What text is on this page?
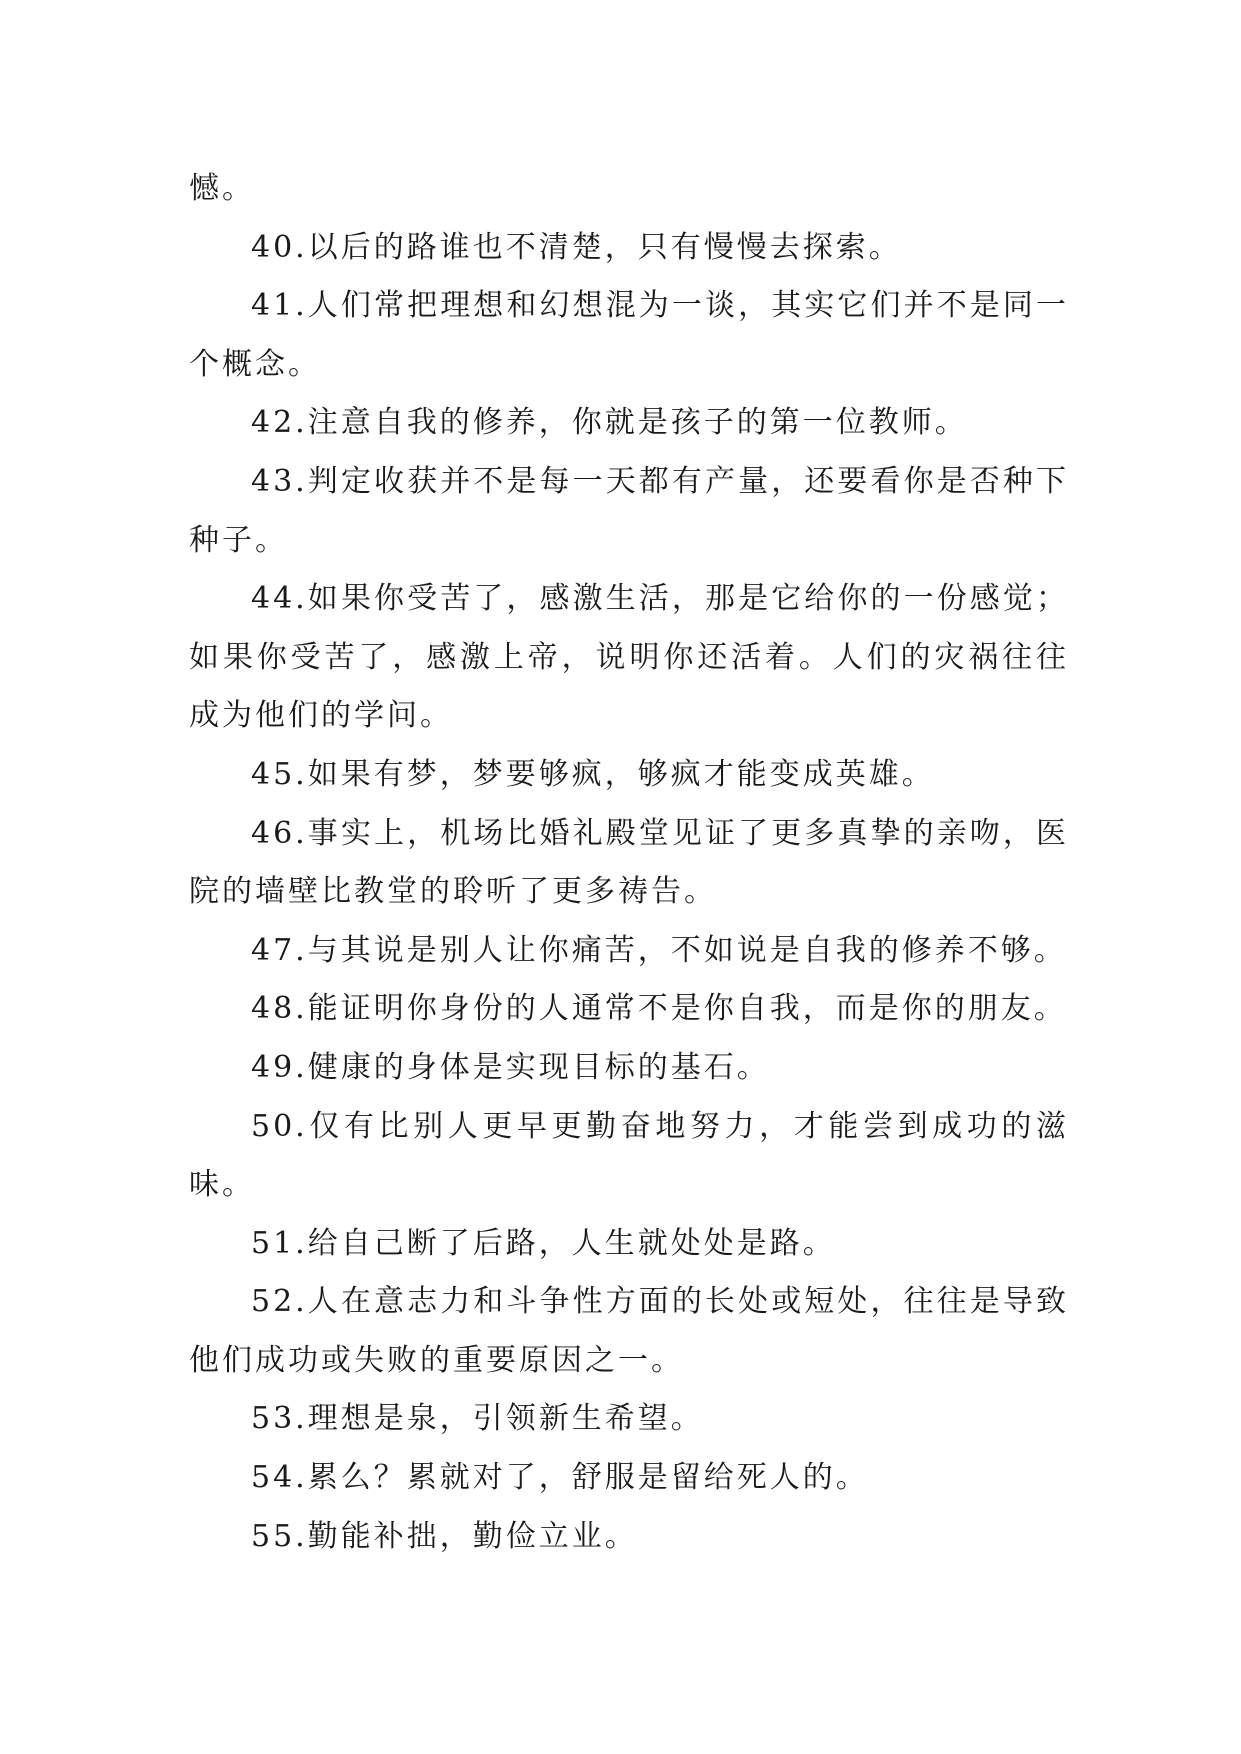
憾。

40.以后的路谁也不清楚，只有慢慢去探索。

41.人们常把理想和幻想混为一谈，其实它们并不是同一个概念。

42.注意自我的修养，你就是孩子的第一位教师。

43.判定收获并不是每一天都有产量，还要看你是否种下种子。

44.如果你受苦了，感激生活，那是它给你的一份感觉；如果你受苦了，感激上帝，说明你还活着。人们的灾祸往往成为他们的学问。

45.如果有梦，梦要够疯，够疯才能变成英雄。

46.事实上，机场比婚礼殿堂见证了更多真挚的亲吻，医院的墙壁比教堂的聆听了更多祷告。

47.与其说是别人让你痛苦，不如说是自我的修养不够。

48.能证明你身份的人通常不是你自我，而是你的朋友。

49.健康的身体是实现目标的基石。

50.仅有比别人更早更勤奋地努力，才能尝到成功的滋味。

51.给自己断了后路，人生就处处是路。

52.人在意志力和斗争性方面的长处或短处，往往是导致他们成功或失败的重要原因之一。

53.理想是泉，引领新生希望。

54.累么？累就对了，舒服是留给死人的。

55.勤能补拙，勤俭立业。
